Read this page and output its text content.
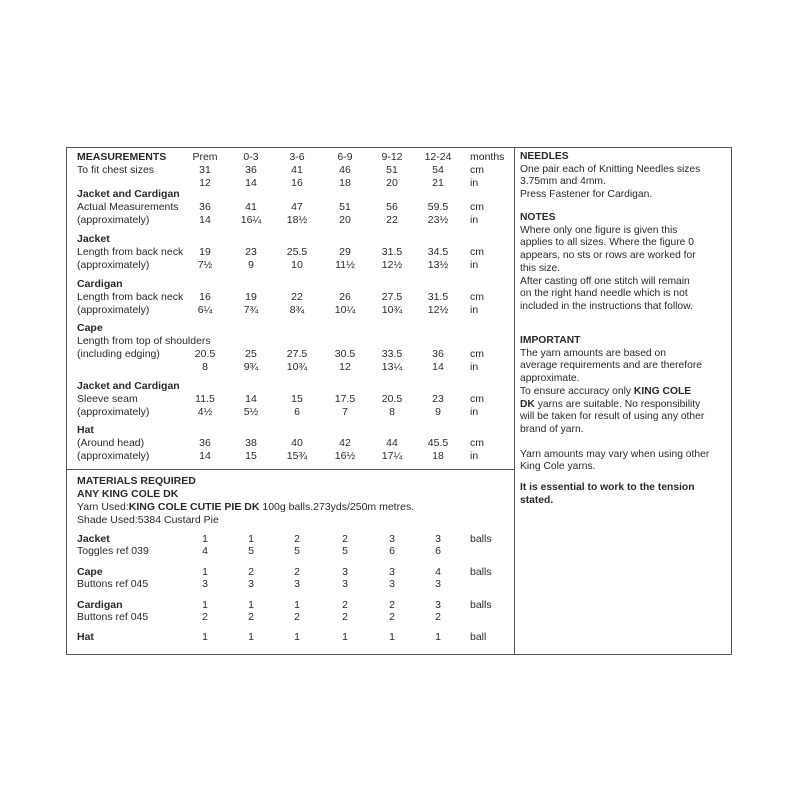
MEASUREMENTS Prem 0-3	3-6	6-9	9-12 12-24 months
To fit chest sizes	31	36	41	46	51	54 cm
12	14	16	18	20	21 in
Jacket and Cardigan
Actual Measurements 36	41	47	51	56	59.5 cm
(approximately)	14	16¼ 18½	20	22	23½ in
Jacket
Length from back neck 19	23	25.5	29	31.5 34.5 cm
(approximately)	7½	9	10	11½	12½ 13½ in
Cardigan
Length from back neck 16	19	22	26	27.5 31.5 cm
(approximately)	6¼	7¾	8¾	10¼	10¾ 12½ in
Cape
Length from top of shoulders
(including edging)	20.5	25	27.5	30.5	33.5	36 cm
8	9¾	10¾	12	13¼	14 in
Jacket and Cardigan
Sleeve seam	11.5	14	15	17.5	20.5	23 cm
(approximately)	4½	5½	6	7	8	9	in
Hat
(Around head)	36	38	40	42	44	45.5 cm
(approximately)	14	15	15¾	16½	17¼	18 in
MATERIALS REQUIRED
ANY KING COLE DK
Yarn Used:KING COLE CUTIE PIE DK 100g balls.273yds/250m metres.
Shade Used:5384 Custard Pie
Jacket	1	1	2	2	3	3	balls
Toggles ref 039	4	5	5	5	6	6
Cape	1	2	2	3	3	4	balls
Buttons ref 045	3	3	3	3	3	3
Cardigan	1	1	1	2	2	3	balls
Buttons ref 045	2	2	2	2	2	2
Hat	1	1	1	1	1	1	ball
NEEDLES
One pair each of Knitting Needles sizes
3.75mm and 4mm.
Press Fastener for Cardigan.
NOTES
Where only one figure is given this
applies to all sizes. Where the figure 0
appears, no sts or rows are worked for
this size.
After casting off one stitch will remain
on the right hand needle which is not
included in the instructions that follow.
IMPORTANT
The yarn amounts are based on
average requirements and are therefore
approximate.
To ensure accuracy only KING COLE
DK yarns are suitable. No responsibility
will be taken for result of using any other
brand of yarn.
Yarn amounts may vary when using other
King Cole yarns.
It is essential to work to the tension
stated.
